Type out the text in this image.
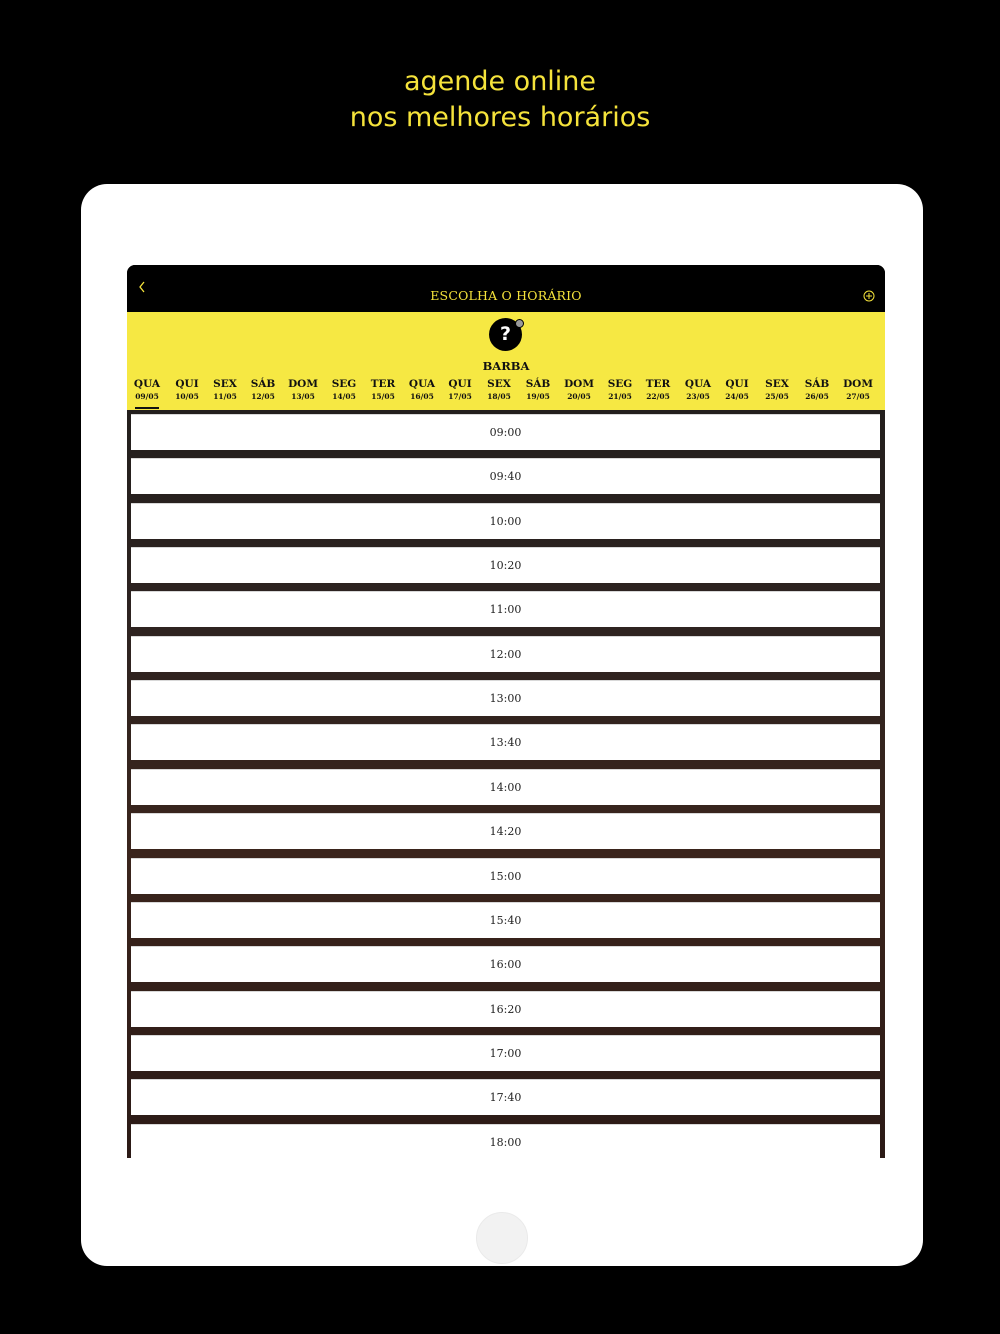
agende online
nos melhores horários
ESCOLHA O HORÁRIO
?
BARBA
QUA
09/05
QUI
10/05
SEX
11/05
SÁB
12/05
DOM
13/05
SEG
14/05
TER
15/05
QUA
16/05
QUI
17/05
SEX
18/05
SÁB
19/05
DOM
20/05
SEG
21/05
TER
22/05
QUA
23/05
QUI
24/05
SEX
25/05
SÁB
26/05
DOM
27/05
09:00
09:40
10:00
10:20
11:00
12:00
13:00
13:40
14:00
14:20
15:00
15:40
16:00
16:20
17:00
17:40
18:00
